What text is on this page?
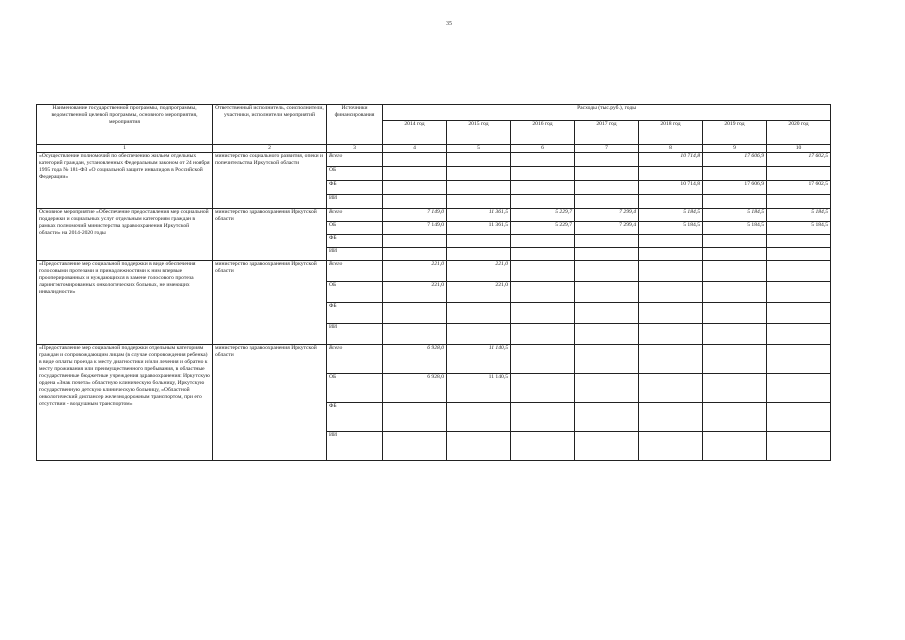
35
Наименование государственной программы, подпрограммы, ведомственной целевой программы, основного мероприятия, мероприятия	Ответственный исполнитель, соисполнители, участники, исполнители мероприятий	Источники финансирования	Расходы (тыс.руб.), годы						
			2014 год	2015 год	2016 год	2017 год	2018 год	2019 год	2020 год
1	2	3	4	5	6	7	8	9	10
«Осуществление полномочий по обеспечению жильем отдельных категорий граждан, установленных Федеральным законом от 24 ноября 1995 года № 181-ФЗ «О социальной защите инвалидов в Российской Федерации»	министерство социального развития, опеки и попечительства Иркутской области	Всего					10 714,8	17 606,9	17 602,5
		ОБ							
		ФБ					10 714,8	17 606,9	17 602,5
		ИИ							
Основное мероприятие «Обеспечение предоставления мер социальной поддержки и социальных услуг отдельным категориям граждан в рамках полномочий министерства здравоохранения Иркутской области» на 2014-2020 годы	министерство здравоохранения Иркутской области	Всего	7 149,0	11 361,5	5 229,7	7 299,4	5 184,5	5 184,5	5 184,5
		ОБ	7 149,0	11 361,5	5 229,7	7 299,4	5 184,5	5 184,5	5 184,5
		ФБ							
		ИИ							
«Предоставление мер социальной поддержки в виде обеспечения голосовыми протезами и принадлежностями к ним впервые прооперированных и нуждающихся в замене голосового протеза ларингэктомированных онкологических больных, не имеющих инвалидности»	министерство здравоохранения Иркутской области	Всего	221,0	221,0					
		ОБ	221,0	221,0					
		ФБ							
		ИИ							
«Предоставление мер социальной поддержки отдельным категориям граждан и сопровождающим лицам (в случае сопровождения ребенка) в виде оплаты проезда к месту диагностики и/или лечения и обратно к месту проживания или преимущественного пребывания, в областные государственные бюджетные учреждения здравоохранения: Иркутскую ордена «Знак почета» областную клиническую больницу, Иркутскую государственную детскую клиническую больницу, «Областной онкологический диспансер железнодорожным транспортом, при его отсутствии - воздушным транспортом»	министерство здравоохранения Иркутской области	Всего	6 928,0	11 140,5					
		ОБ	6 928,0	11 140,5					
		ФБ							
		ИИ							
